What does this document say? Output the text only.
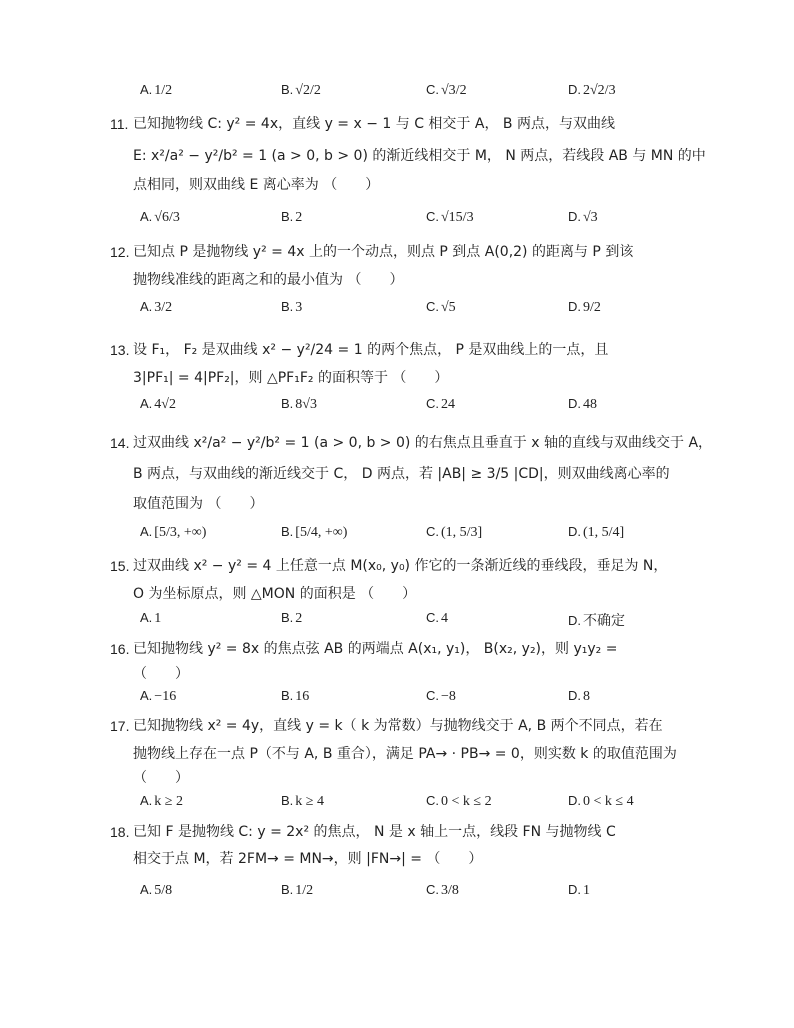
A. 1/2	B. √2/2	C. √3/2	D. 2√2/3
11. 已知抛物线 C: y² = 4x，直线 y = x − 1 与 C 相交于 A， B 两点，与双曲线
E: x²/a² − y²/b² = 1 (a > 0, b > 0) 的渐近线相交于 M， N 两点，若线段 AB 与 MN 的中
点相同，则双曲线 E 离心率为 （　　）
A. √6/3	B. 2	C. √15/3	D. √3
12. 已知点 P 是抛物线 y² = 4x 上的一个动点，则点 P 到点 A(0,2) 的距离与 P 到该
抛物线准线的距离之和的最小值为 （　　）
A. 3/2	B. 3	C. √5	D. 9/2
13. 设 F₁， F₂ 是双曲线 x² − y²/24 = 1 的两个焦点， P 是双曲线上的一点，且
3|PF₁| = 4|PF₂|，则 △PF₁F₂ 的面积等于 （　　）
A. 4√2	B. 8√3	C. 24	D. 48
14. 过双曲线 x²/a² − y²/b² = 1 (a > 0, b > 0) 的右焦点且垂直于 x 轴的直线与双曲线交于 A，
B 两点，与双曲线的渐近线交于 C， D 两点，若 |AB| ≥ 3/5 |CD|，则双曲线离心率的
取值范围为 （　　）
A. [5/3, +∞)	B. [5/4, +∞)	C. (1, 5/3]	D. (1, 5/4]
15. 过双曲线 x² − y² = 4 上任意一点 M(x₀, y₀) 作它的一条渐近线的垂线段，垂足为 N，
O 为坐标原点，则 △MON 的面积是 （　　）
A. 1	B. 2	C. 4	D. 不确定
16. 已知抛物线 y² = 8x 的焦点弦 AB 的两端点 A(x₁, y₁)， B(x₂, y₂)，则 y₁y₂ =
（　　）
A. −16	B. 16	C. −8	D. 8
17. 已知抛物线 x² = 4y，直线 y = k（ k 为常数）与抛物线交于 A, B 两个不同点，若在
抛物线上存在一点 P（不与 A, B 重合），满足 PA→ · PB→ = 0，则实数 k 的取值范围为
（　　）
A. k ≥ 2	B. k ≥ 4	C. 0 < k ≤ 2	D. 0 < k ≤ 4
18. 已知 F 是抛物线 C: y = 2x² 的焦点， N 是 x 轴上一点，线段 FN 与抛物线 C
相交于点 M，若 2FM→ = MN→，则 |FN→| = （　　）
A. 5/8	B. 1/2	C. 3/8	D. 1
